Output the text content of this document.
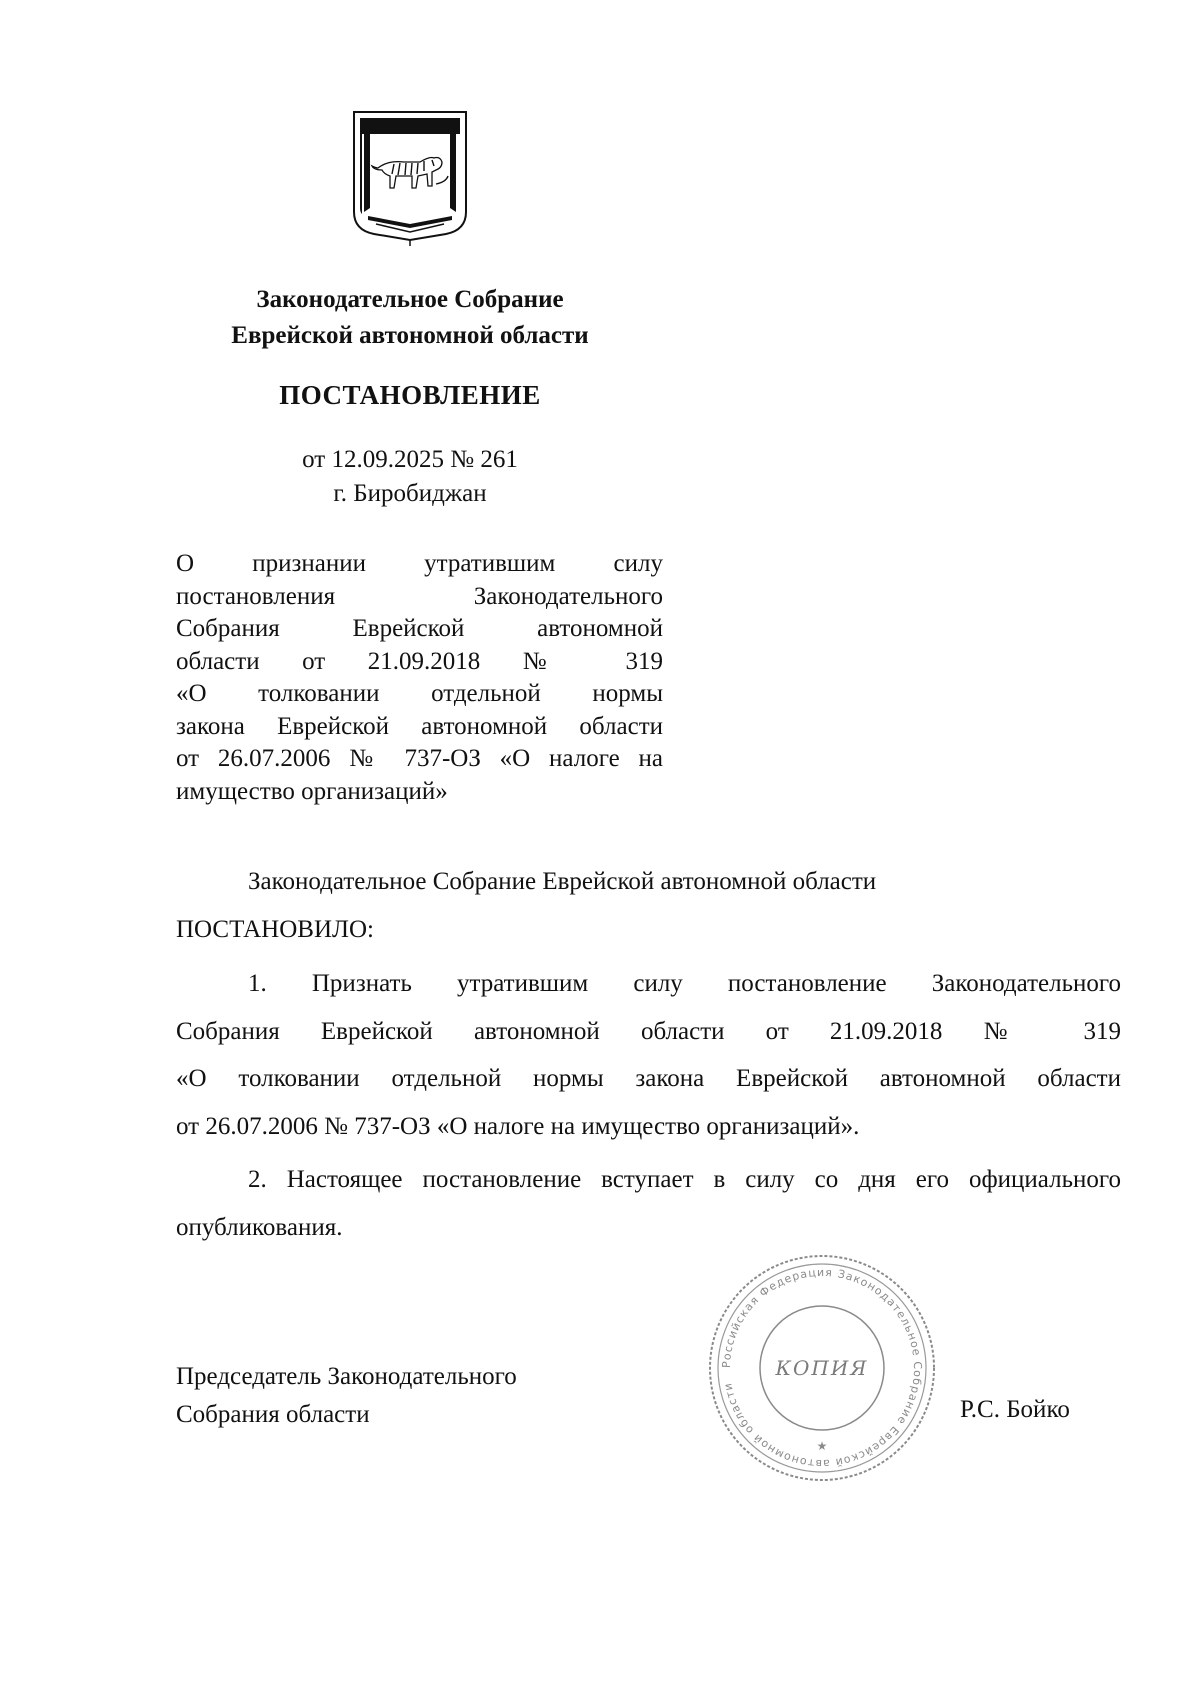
Законодательное Собрание
Еврейской автономной области
ПОСТАНОВЛЕНИЕ
от 12.09.2025 № 261
г. Биробиджан
О признании утратившим силу
постановления Законодательного
Собрания Еврейской автономной
области от 21.09.2018 № 319
«О толковании отдельной нормы
закона Еврейской автономной области
от 26.07.2006 № 737-ОЗ «О налоге на
имущество организаций»
Законодательное Собрание Еврейской автономной области
ПОСТАНОВИЛО:
1. Признать утратившим силу постановление Законодательного
Собрания Еврейской автономной области от 21.09.2018 № 319
«О толковании отдельной нормы закона Еврейской автономной области
от 26.07.2006 № 737-ОЗ «О налоге на имущество организаций».
2. Настоящее постановление вступает в силу со дня его официального
опубликования.
Председатель Законодательного
Собрания области	Р.С. Бойко
Российская Федерация Законодательное Собрание Еврейской автономной области
КОПИЯ
★
